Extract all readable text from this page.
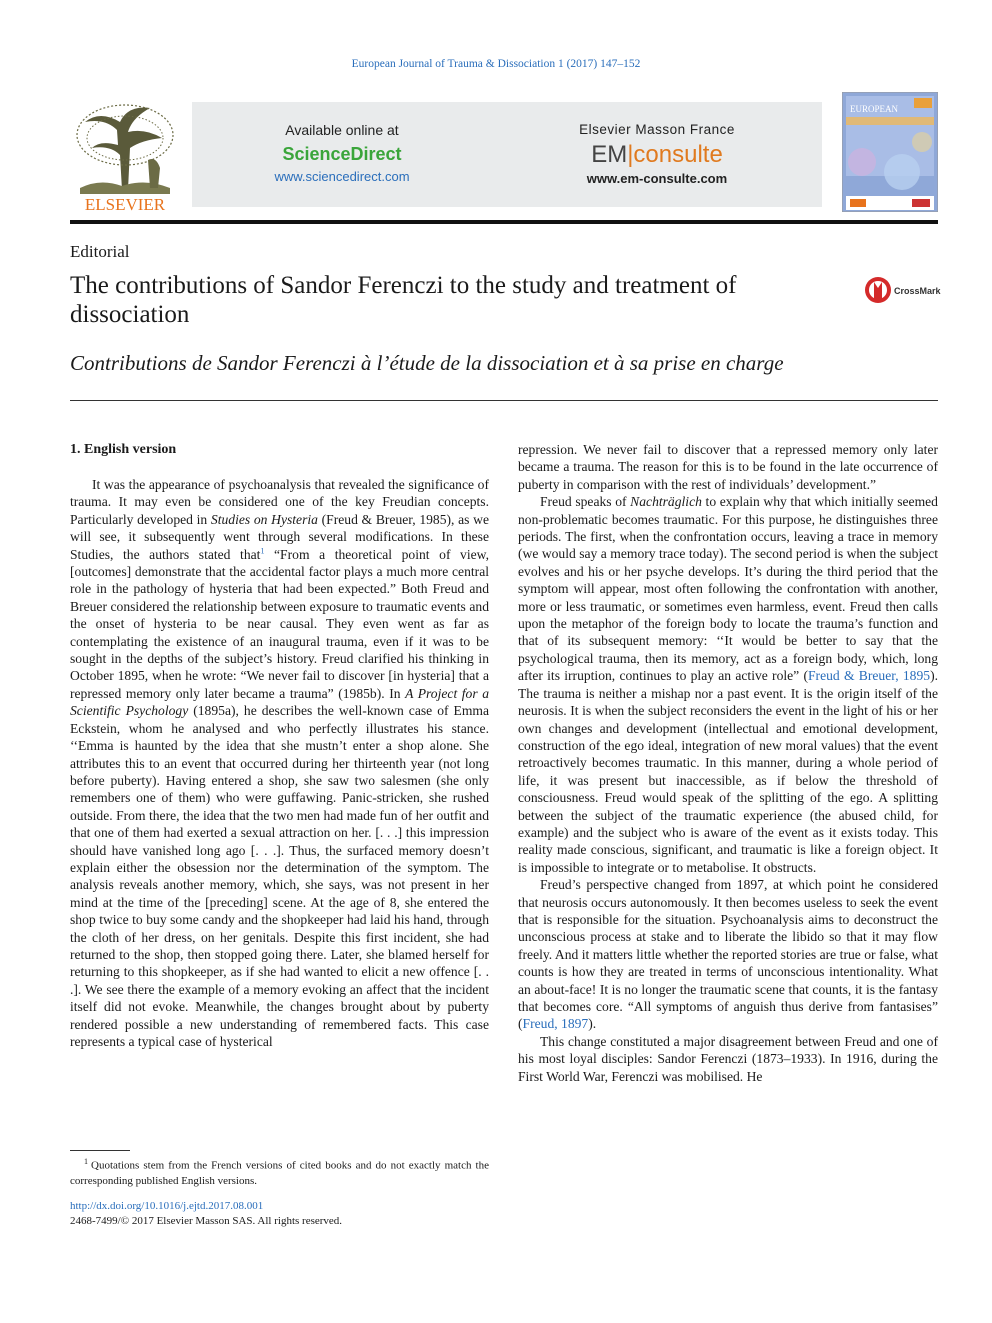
European Journal of Trauma & Dissociation 1 (2017) 147–152
ELSEVIER
Available online at
ScienceDirect
www.sciencedirect.com
Elsevier Masson France
EM|consulte
www.em-consulte.com
EUROPEAN
Editorial
The contributions of Sandor Ferenczi to the study and treatment of dissociation
CrossMark
Contributions de Sandor Ferenczi à l’étude de la dissociation et à sa prise en charge
1. English version

It was the appearance of psychoanalysis that revealed the significance of trauma. It may even be considered one of the key Freudian concepts. Particularly developed in Studies on Hysteria (Freud & Breuer, 1985), as we will see, it subsequently went through several modifications. In these Studies, the authors stated that$^1$ “From a theoretical point of view, [outcomes] demonstrate that the accidental factor plays a much more central role in the pathology of hysteria that had been expected.” Both Freud and Breuer considered the relationship between exposure to traumatic events and the onset of hysteria to be near causal. They even went as far as contemplating the existence of an inaugural trauma, even if it was to be sought in the depths of the subject’s history. Freud clarified his thinking in October 1895, when he wrote: “We never fail to discover [in hysteria] that a repressed memory only later became a trauma” (1985b). In A Project for a Scientific Psychology (1895a), he describes the well-known case of Emma Eckstein, whom he analysed and who perfectly illustrates his stance. ‘‘Emma is haunted by the idea that she mustn’t enter a shop alone. She attributes this to an event that occurred during her thirteenth year (not long before puberty). Having entered a shop, she saw two salesmen (she only remembers one of them) who were guffawing. Panic-stricken, she rushed outside. From there, the idea that the two men had made fun of her outfit and that one of them had exerted a sexual attraction on her. [. . .] this impression should have vanished long ago [. . .]. Thus, the surfaced memory doesn’t explain either the obsession nor the determination of the symptom. The analysis reveals another memory, which, she says, was not present in her mind at the time of the [preceding] scene. At the age of 8, she entered the shop twice to buy some candy and the shopkeeper had laid his hand, through the cloth of her dress, on her genitals. Despite this first incident, she had returned to the shop, then stopped going there. Later, she blamed herself for returning to this shopkeeper, as if she had wanted to elicit a new offence [. . .]. We see there the example of a memory evoking an affect that the incident itself did not evoke. Meanwhile, the changes brought about by puberty rendered possible a new understanding of remembered facts. This case represents a typical case of hysterical

repression. We never fail to discover that a repressed memory only later became a trauma. The reason for this is to be found in the late occurrence of puberty in comparison with the rest of individuals’ development.”

Freud speaks of Nachträglich to explain why that which initially seemed non-problematic becomes traumatic. For this purpose, he distinguishes three periods. The first, when the confrontation occurs, leaving a trace in memory (we would say a memory trace today). The second period is when the subject evolves and his or her psyche develops. It’s during the third period that the symptom will appear, most often following the confrontation with another, more or less traumatic, or sometimes even harmless, event. Freud then calls upon the metaphor of the foreign body to locate the trauma’s function and that of its subsequent memory: ‘‘It would be better to say that the psychological trauma, then its memory, act as a foreign body, which, long after its irruption, continues to play an active role” (Freud & Breuer, 1895). The trauma is neither a mishap nor a past event. It is the origin itself of the neurosis. It is when the subject reconsiders the event in the light of his or her own changes and development (intellectual and emotional development, construction of the ego ideal, integration of new moral values) that the event retroactively becomes traumatic. In this manner, during a whole period of life, it was present but inaccessible, as if below the threshold of consciousness. Freud would speak of the splitting of the ego. A splitting between the subject of the traumatic experience (the abused child, for example) and the subject who is aware of the event as it exists today. This reality made conscious, significant, and traumatic is like a foreign object. It is impossible to integrate or to metabolise. It obstructs.

Freud’s perspective changed from 1897, at which point he considered that neurosis occurs autonomously. It then becomes useless to seek the event that is responsible for the situation. Psychoanalysis aims to deconstruct the unconscious process at stake and to liberate the libido so that it may flow freely. And it matters little whether the reported stories are true or false, what counts is how they are treated in terms of unconscious intentionality. What an about-face! It is no longer the traumatic scene that counts, it is the fantasy that becomes core. “All symptoms of anguish thus derive from fantasises” (Freud, 1897).

This change constituted a major disagreement between Freud and one of his most loyal disciples: Sandor Ferenczi (1873–1933). In 1916, during the First World War, Ferenczi was mobilised. He

$^1$ Quotations stem from the French versions of cited books and do not exactly match the corresponding published English versions.
http://dx.doi.org/10.1016/j.ejtd.2017.08.001
2468-7499/© 2017 Elsevier Masson SAS. All rights reserved.
